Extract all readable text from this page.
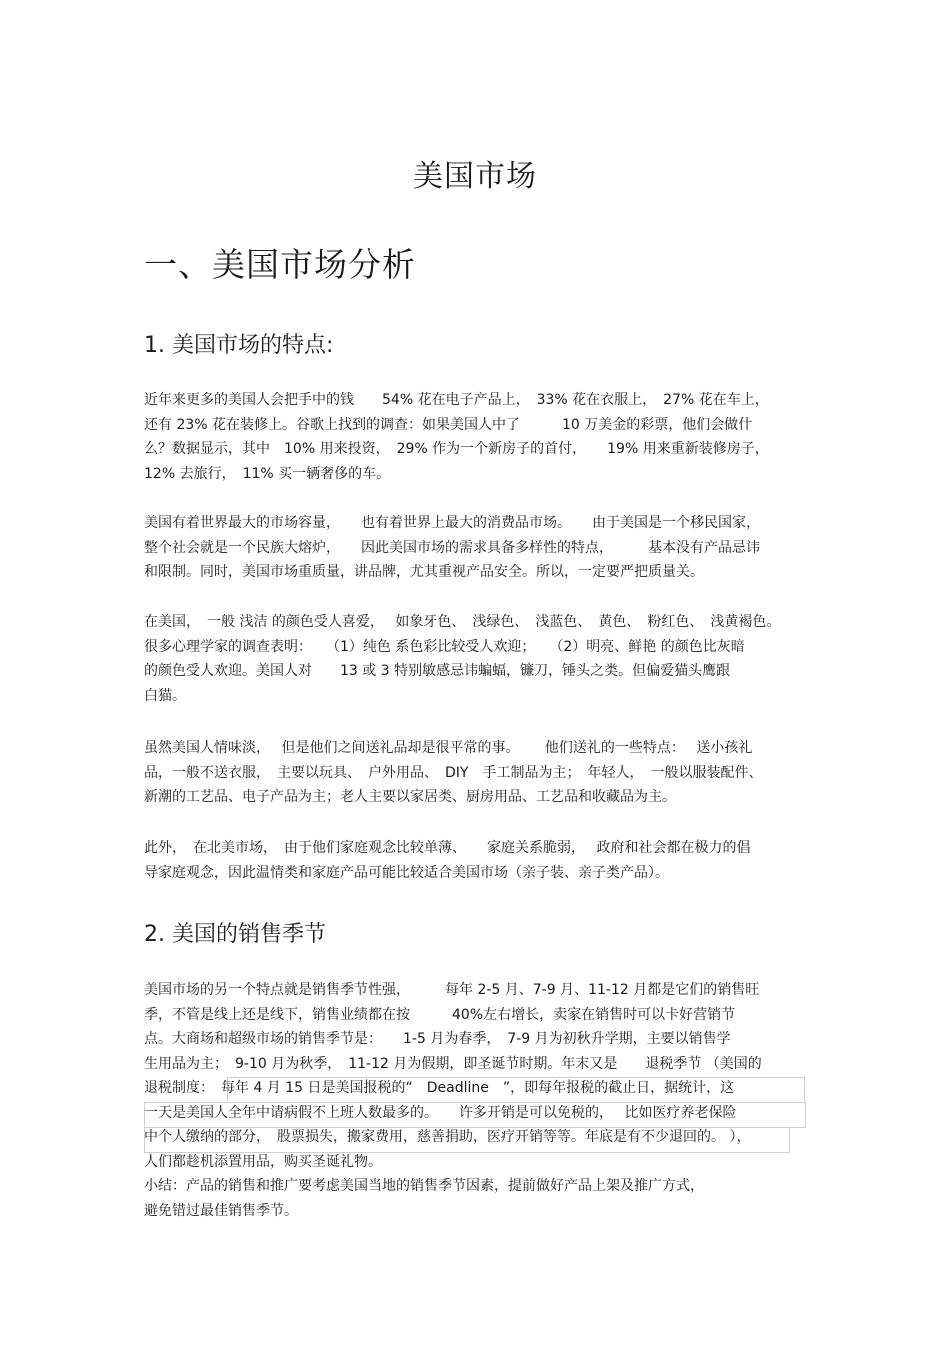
美国市场
一、美国市场分析
1. 美国市场的特点:
近年来更多的美国人会把手中的钱　　54% 花在电子产品上，　33% 花在衣服上，　27% 花在车上，
还有 23% 花在装修上。谷歌上找到的调查：如果美国人中了　　　10 万美金的彩票，他们会做什
么？数据显示，其中　10% 用来投资，　29% 作为一个新房子的首付，　　19% 用来重新装修房子，
12% 去旅行，　11% 买一辆奢侈的车。
美国有着世界最大的市场容量，　　也有着世界上最大的消费品市场。　　由于美国是一个移民国家，
整个社会就是一个民族大熔炉，　　因此美国市场的需求具备多样性的特点，　　　基本没有产品忌讳
和限制。同时，美国市场重质量，讲品牌，尤其重视产品安全。所以，一定要严把质量关。
在美国，　一般 浅洁 的颜色受人喜爱，　 如象牙色、　浅绿色、　浅蓝色、　黄色、　粉红色、　浅黄褐色。
很多心理学家的调查表明：　　（1）纯色 系色彩比较受人欢迎；　　（2）明亮、鲜艳 的颜色比灰暗
的颜色受人欢迎。美国人对　　13 或 3 特别敏感忌讳蝙蝠，镰刀，锤头之类。但偏爱猫头鹰跟
白猫。
虽然美国人情味淡，　 但是他们之间送礼品却是很平常的事。　　 他们送礼的一些特点：　 送小孩礼
品，一般不送衣服，　主要以玩具、　户外用品、　DIY　手工制品为主；　年轻人，　一般以服装配件、
新潮的工艺品、电子产品为主；老人主要以家居类、厨房用品、工艺品和收藏品为主。
此外，　在北美市场，　由于他们家庭观念比较单薄、　　家庭关系脆弱，　 政府和社会都在极力的倡
导家庭观念，因此温情类和家庭产品可能比较适合美国市场（亲子装、亲子类产品）。
2. 美国的销售季节
美国市场的另一个特点就是销售季节性强，　　　每年 2-5 月、7-9 月、11-12 月都是它们的销售旺
季，不管是线上还是线下，销售业绩都在按　　　40%左右增长，卖家在销售时可以卡好营销节
点。大商场和超级市场的销售季节是：　　1-5 月为春季，　7-9 月为初秋升学期，主要以销售学
生用品为主；　9-10 月为秋季，　11-12 月为假期，即圣诞节时期。年末又是　　退税季节 （美国的
退税制度：　每年 4 月 15 日是美国报税的“　Deadline　”，即每年报税的截止日，据统计，这
一天是美国人全年中请病假不上班人数最多的。　　许多开销是可以免税的，　 比如医疗养老保险
中个人缴纳的部分，　股票损失，搬家费用，慈善捐助，医疗开销等等。年底是有不少退回的。 ），
人们都趁机添置用品，购买圣诞礼物。
小结：产品的销售和推广要考虑美国当地的销售季节因素，提前做好产品上架及推广方式，
避免错过最佳销售季节。
